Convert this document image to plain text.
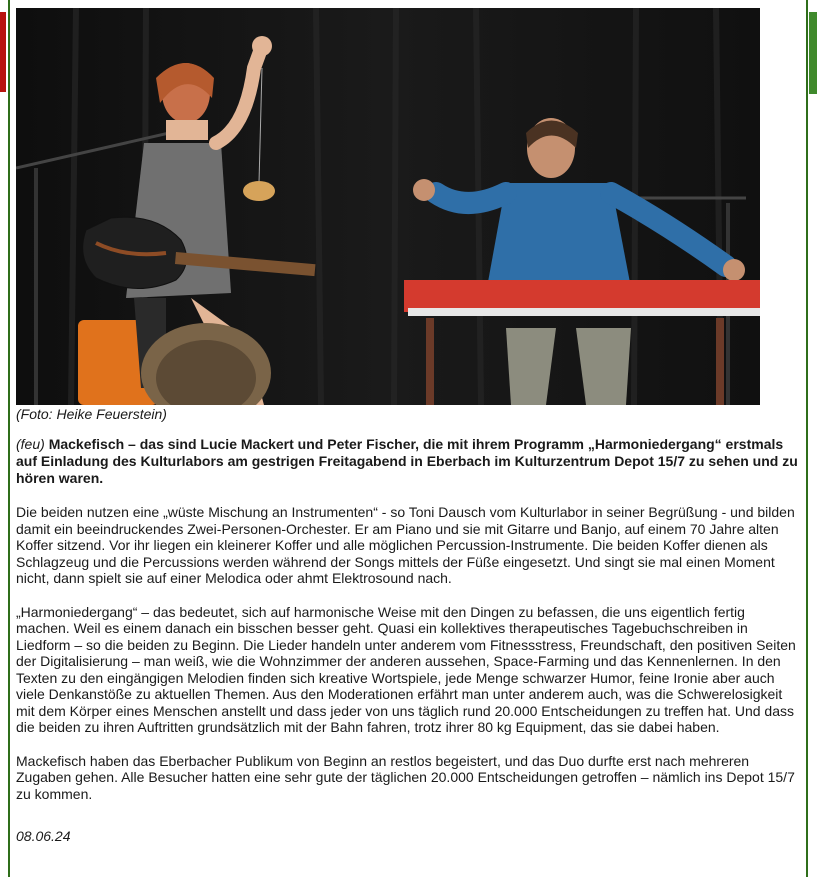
(Foto: Heike Feuerstein)
(feu) Mackefisch – das sind Lucie Mackert und Peter Fischer, die mit ihrem Programm „Harmoniedergang“ erstmals auf Einladung des Kulturlabors am gestrigen Freitagabend in Eberbach im Kulturzentrum Depot 15/7 zu sehen und zu hören waren.
Die beiden nutzen eine „wüste Mischung an Instrumenten“ - so Toni Dausch vom Kulturlabor in seiner Begrüßung - und bilden damit ein beeindruckendes Zwei-Personen-Orchester. Er am Piano und sie mit Gitarre und Banjo, auf einem 70 Jahre alten Koffer sitzend. Vor ihr liegen ein kleinerer Koffer und alle möglichen Percussion-Instrumente. Die beiden Koffer dienen als Schlagzeug und die Percussions werden während der Songs mittels der Füße eingesetzt. Und singt sie mal einen Moment nicht, dann spielt sie auf einer Melodica oder ahmt Elektrosound nach.
„Harmoniedergang“ – das bedeutet, sich auf harmonische Weise mit den Dingen zu befassen, die uns eigentlich fertig machen. Weil es einem danach ein bisschen besser geht. Quasi ein kollektives therapeutisches Tagebuchschreiben in Liedform – so die beiden zu Beginn. Die Lieder handeln unter anderem vom Fitnessstress, Freundschaft, den positiven Seiten der Digitalisierung – man weiß, wie die Wohnzimmer der anderen aussehen, Space-Farming und das Kennenlernen. In den Texten zu den eingängigen Melodien finden sich kreative Wortspiele, jede Menge schwarzer Humor, feine Ironie aber auch viele Denkanstöße zu aktuellen Themen. Aus den Moderationen erfährt man unter anderem auch, was die Schwerelosigkeit mit dem Körper eines Menschen anstellt und dass jeder von uns täglich rund 20.000 Entscheidungen zu treffen hat. Und dass die beiden zu ihren Auftritten grundsätzlich mit der Bahn fahren, trotz ihrer 80 kg Equipment, das sie dabei haben.
Mackefisch haben das Eberbacher Publikum von Beginn an restlos begeistert, und das Duo durfte erst nach mehreren Zugaben gehen. Alle Besucher hatten eine sehr gute der täglichen 20.000 Entscheidungen getroffen – nämlich ins Depot 15/7 zu kommen.
08.06.24
